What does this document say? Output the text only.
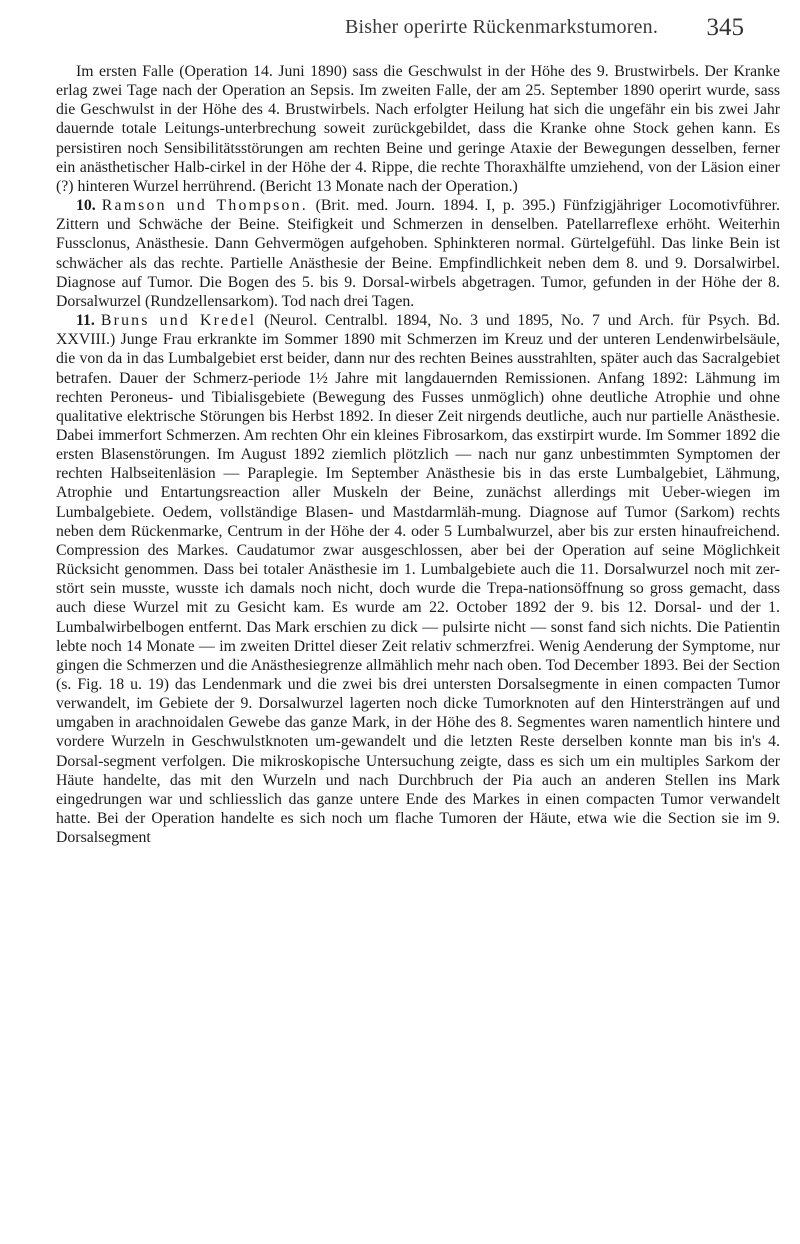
Bisher operirte Rückenmarkstumoren. 345

Im ersten Falle (Operation 14. Juni 1890) sass die Geschwulst in der Höhe des 9. Brustwirbels. Der Kranke erlag zwei Tage nach der Operation an Sepsis. Im zweiten Falle, der am 25. September 1890 operirt wurde, sass die Geschwulst in der Höhe des 4. Brustwirbels. Nach erfolgter Heilung hat sich die ungefähr ein bis zwei Jahr dauernde totale Leitungs-unterbrechung soweit zurückgebildet, dass die Kranke ohne Stock gehen kann. Es persistiren noch Sensibilitätsstörungen am rechten Beine und geringe Ataxie der Bewegungen desselben, ferner ein anästhetischer Halb-cirkel in der Höhe der 4. Rippe, die rechte Thoraxhälfte umziehend, von der Läsion einer (?) hinteren Wurzel herrührend. (Bericht 13 Monate nach der Operation.)

10. Ramson und Thompson. (Brit. med. Journ. 1894. I, p. 395.) Fünfzigjähriger Locomotivführer. Zittern und Schwäche der Beine. Steifigkeit und Schmerzen in denselben. Patellarreflexe erhöht. Weiterhin Fussclonus, Anästhesie. Dann Gehvermögen aufgehoben. Sphinkteren normal. Gürtelgefühl. Das linke Bein ist schwächer als das rechte. Partielle Anästhesie der Beine. Empfindlichkeit neben dem 8. und 9. Dorsalwirbel. Diagnose auf Tumor. Die Bogen des 5. bis 9. Dorsal-wirbels abgetragen. Tumor, gefunden in der Höhe der 8. Dorsalwurzel (Rundzellensarkom). Tod nach drei Tagen.

11. Bruns und Kredel (Neurol. Centralbl. 1894, No. 3 und 1895, No. 7 und Arch. für Psych. Bd. XXVIII.) Junge Frau erkrankte im Sommer 1890 mit Schmerzen im Kreuz und der unteren Lendenwirbelsäule, die von da in das Lumbalgebiet erst beider, dann nur des rechten Beines ausstrahlten, später auch das Sacralgebiet betrafen. Dauer der Schmerz-periode 1½ Jahre mit langdauernden Remissionen. Anfang 1892: Lähmung im rechten Peroneus- und Tibialisgebiete (Bewegung des Fusses unmöglich) ohne deutliche Atrophie und ohne qualitative elektrische Störungen bis Herbst 1892. In dieser Zeit nirgends deutliche, auch nur partielle Anästhesie. Dabei immerfort Schmerzen. Am rechten Ohr ein kleines Fibrosarkom, das exstirpirt wurde. Im Sommer 1892 die ersten Blasenstörungen. Im August 1892 ziemlich plötzlich — nach nur ganz unbestimmten Symptomen der rechten Halbseitenläsion — Paraplegie. Im September Anästhesie bis in das erste Lumbalgebiet, Lähmung, Atrophie und Entartungsreaction aller Muskeln der Beine, zunächst allerdings mit Ueber-wiegen im Lumbalgebiete. Oedem, vollständige Blasen- und Mastdarmläh-mung. Diagnose auf Tumor (Sarkom) rechts neben dem Rückenmarke, Centrum in der Höhe der 4. oder 5 Lumbalwurzel, aber bis zur ersten hinaufreichend. Compression des Markes. Caudatumor zwar ausgeschlossen, aber bei der Operation auf seine Möglichkeit Rücksicht genommen. Dass bei totaler Anästhesie im 1. Lumbalgebiete auch die 11. Dorsalwurzel noch mit zer-stört sein musste, wusste ich damals noch nicht, doch wurde die Trepa-nationsöffnung so gross gemacht, dass auch diese Wurzel mit zu Gesicht kam. Es wurde am 22. October 1892 der 9. bis 12. Dorsal- und der 1. Lumbalwirbelbogen entfernt. Das Mark erschien zu dick — pulsirte nicht — sonst fand sich nichts. Die Patientin lebte noch 14 Monate — im zweiten Drittel dieser Zeit relativ schmerzfrei. Wenig Aenderung der Symptome, nur gingen die Schmerzen und die Anästhesiegrenze allmählich mehr nach oben. Tod December 1893. Bei der Section (s. Fig. 18 u. 19) das Lendenmark und die zwei bis drei untersten Dorsalsegmente in einen compacten Tumor verwandelt, im Gebiete der 9. Dorsalwurzel lagerten noch dicke Tumorknoten auf den Hintersträngen auf und umgaben in arachnoidalen Gewebe das ganze Mark, in der Höhe des 8. Segmentes waren namentlich hintere und vordere Wurzeln in Geschwulstknoten um-gewandelt und die letzten Reste derselben konnte man bis in's 4. Dorsal-segment verfolgen. Die mikroskopische Untersuchung zeigte, dass es sich um ein multiples Sarkom der Häute handelte, das mit den Wurzeln und nach Durchbruch der Pia auch an anderen Stellen ins Mark eingedrungen war und schliesslich das ganze untere Ende des Markes in einen compacten Tumor verwandelt hatte. Bei der Operation handelte es sich noch um flache Tumoren der Häute, etwa wie die Section sie im 9. Dorsalsegment
